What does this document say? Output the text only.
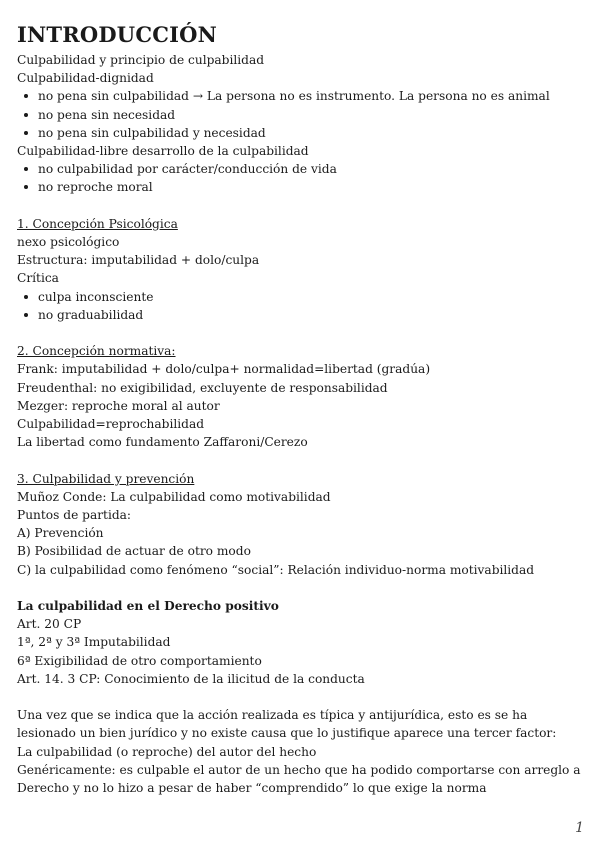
INTRODUCCIÓN
Culpabilidad y principio de culpabilidad
Culpabilidad-dignidad
no pena sin culpabilidad → La persona no es instrumento. La persona no es animal
no pena sin necesidad
no pena sin culpabilidad y necesidad
Culpabilidad-libre desarrollo de la culpabilidad
no culpabilidad por carácter/conducción de vida
no reproche moral
1. Concepción Psicológica
nexo psicológico
Estructura: imputabilidad + dolo/culpa
Crítica
culpa inconsciente
no graduabilidad
2. Concepción normativa:
Frank: imputabilidad + dolo/culpa+ normalidad=libertad (gradúa)
Freudenthal: no exigibilidad, excluyente de responsabilidad
Mezger: reproche moral al autor
Culpabilidad=reprochabilidad
La libertad como fundamento Zaffaroni/Cerezo
3. Culpabilidad y prevención
Muñoz Conde: La culpabilidad como motivabilidad
Puntos de partida:
A) Prevención
B) Posibilidad de actuar de otro modo
C) la culpabilidad como fenómeno “social”: Relación individuo-norma motivabilidad
La culpabilidad en el Derecho positivo
Art. 20 CP
1ª, 2ª y 3ª Imputabilidad
6ª Exigibilidad de otro comportamiento
Art. 14. 3 CP: Conocimiento de la ilicitud de la conducta
Una vez que se indica que la acción realizada es típica y antijurídica, esto es se ha lesionado un bien jurídico y no existe causa que lo justifique aparece una tercer factor:
La culpabilidad (o reproche) del autor del hecho
Genéricamente: es culpable el autor de un hecho que ha podido comportarse con arreglo a Derecho y no lo hizo a pesar de haber “comprendido” lo que exige la norma
1
